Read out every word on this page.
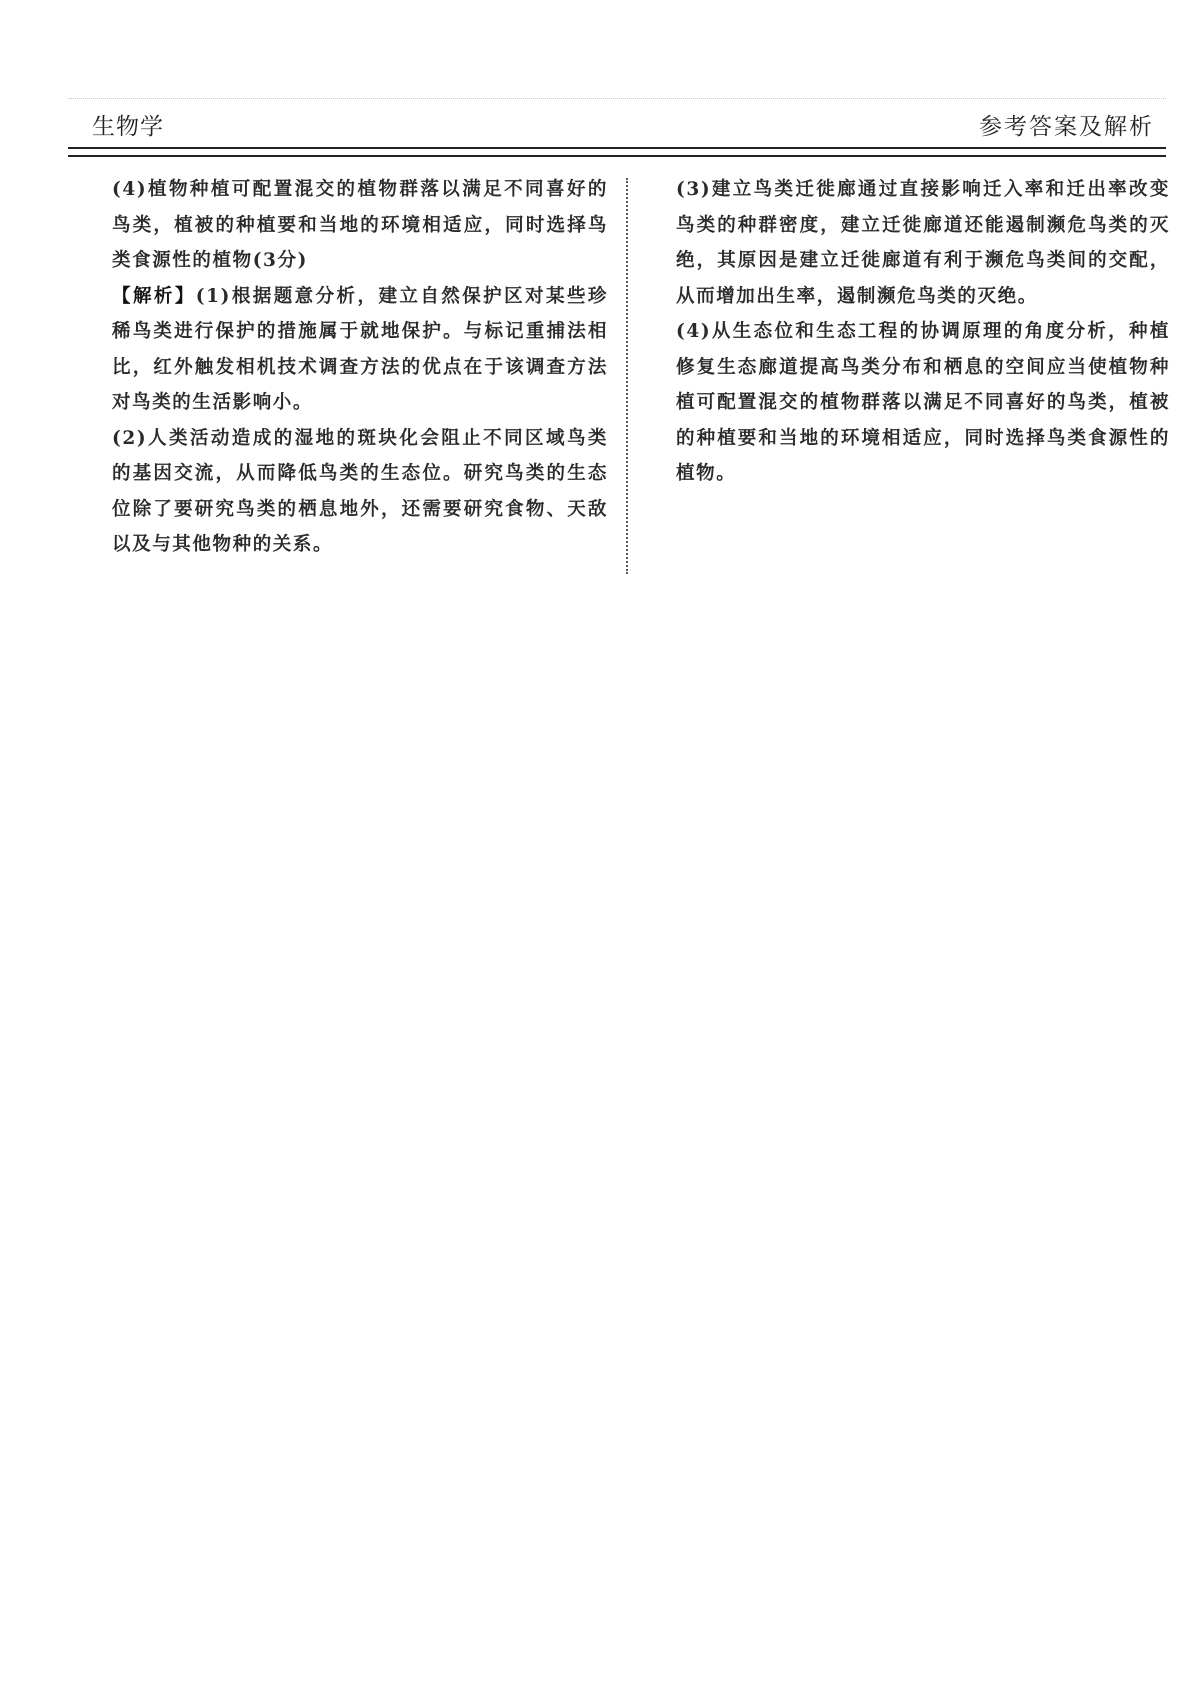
生物学	参考答案及解析

(4)植物种植可配置混交的植物群落以满足不同喜好的鸟类，植被的种植要和当地的环境相适应，同时选择鸟类食源性的植物(3分)

【解析】(1)根据题意分析，建立自然保护区对某些珍稀鸟类进行保护的措施属于就地保护。与标记重捕法相比，红外触发相机技术调查方法的优点在于该调查方法对鸟类的生活影响小。

(2)人类活动造成的湿地的斑块化会阻止不同区域鸟类的基因交流，从而降低鸟类的生态位。研究鸟类的生态位除了要研究鸟类的栖息地外，还需要研究食物、天敌以及与其他物种的关系。

(3)建立鸟类迁徙廊通过直接影响迁入率和迁出率改变鸟类的种群密度，建立迁徙廊道还能遏制濒危鸟类的灭绝，其原因是建立迁徙廊道有利于濒危鸟类间的交配，从而增加出生率，遏制濒危鸟类的灭绝。

(4)从生态位和生态工程的协调原理的角度分析，种植修复生态廊道提高鸟类分布和栖息的空间应当使植物种植可配置混交的植物群落以满足不同喜好的鸟类，植被的种植要和当地的环境相适应，同时选择鸟类食源性的植物。
